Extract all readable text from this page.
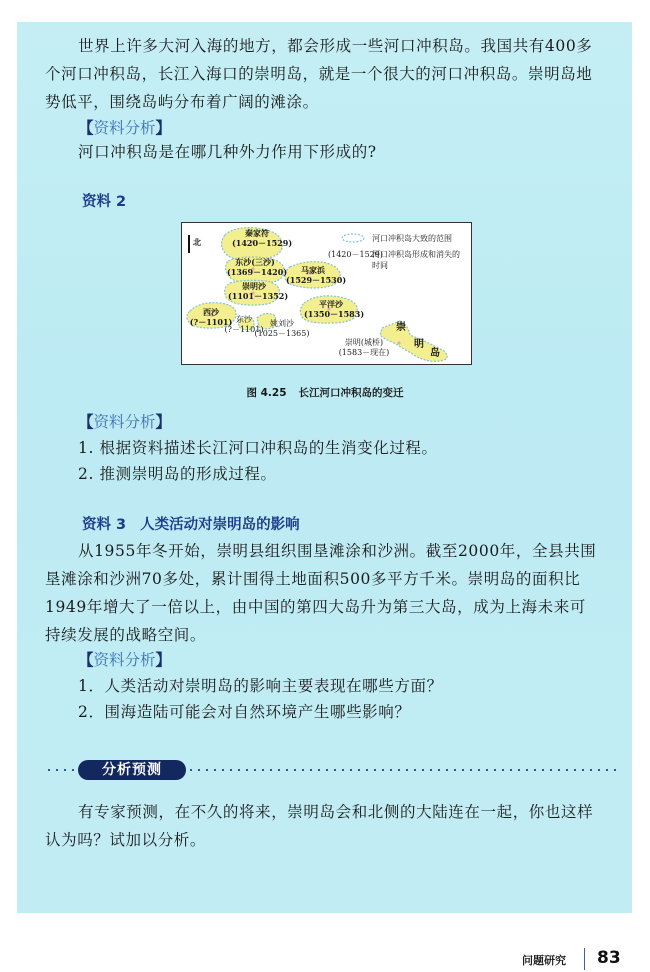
世界上许多大河入海的地方，都会形成一些河口冲积岛。我国共有400多个河口冲积岛，长江入海口的崇明岛，就是一个很大的河口冲积岛。崇明岛地势低平，围绕岛屿分布着广阔的滩涂。

【资料分析】
河口冲积岛是在哪几种外力作用下形成的?
资料 2
北
秦家符
(1420－1529)
东沙(三沙)
(1369－1420)	马家浜
(1529－1530)
崇明沙
(1101－1352)
西沙
(?－1101) 东沙
(?－1101)
姚刘沙
(1025－1365)
平洋沙
(1350－1583)
崇明(城桥)
(1583－现在)
崇
明
岛
河口冲积岛大致的范围
(1420－1529)
河口冲积岛形成和消失的时间
图 4.25 长江河口冲积岛的变迁
【资料分析】
1. 根据资料描述长江河口冲积岛的生消变化过程。
2. 推测崇明岛的形成过程。
资料 3 人类活动对崇明岛的影响

从1955年冬开始，崇明县组织围垦滩涂和沙洲。截至2000年，全县共围垦滩涂和沙洲70多处，累计围得土地面积500多平方千米。崇明岛的面积比1949年增大了一倍以上，由中国的第四大岛升为第三大岛，成为上海未来可持续发展的战略空间。

【资料分析】
1．人类活动对崇明岛的影响主要表现在哪些方面？
2．围海造陆可能会对自然环境产生哪些影响？
分析预测

有专家预测，在不久的将来，崇明岛会和北侧的大陆连在一起，你也这样认为吗？试加以分析。

问题研究 83
